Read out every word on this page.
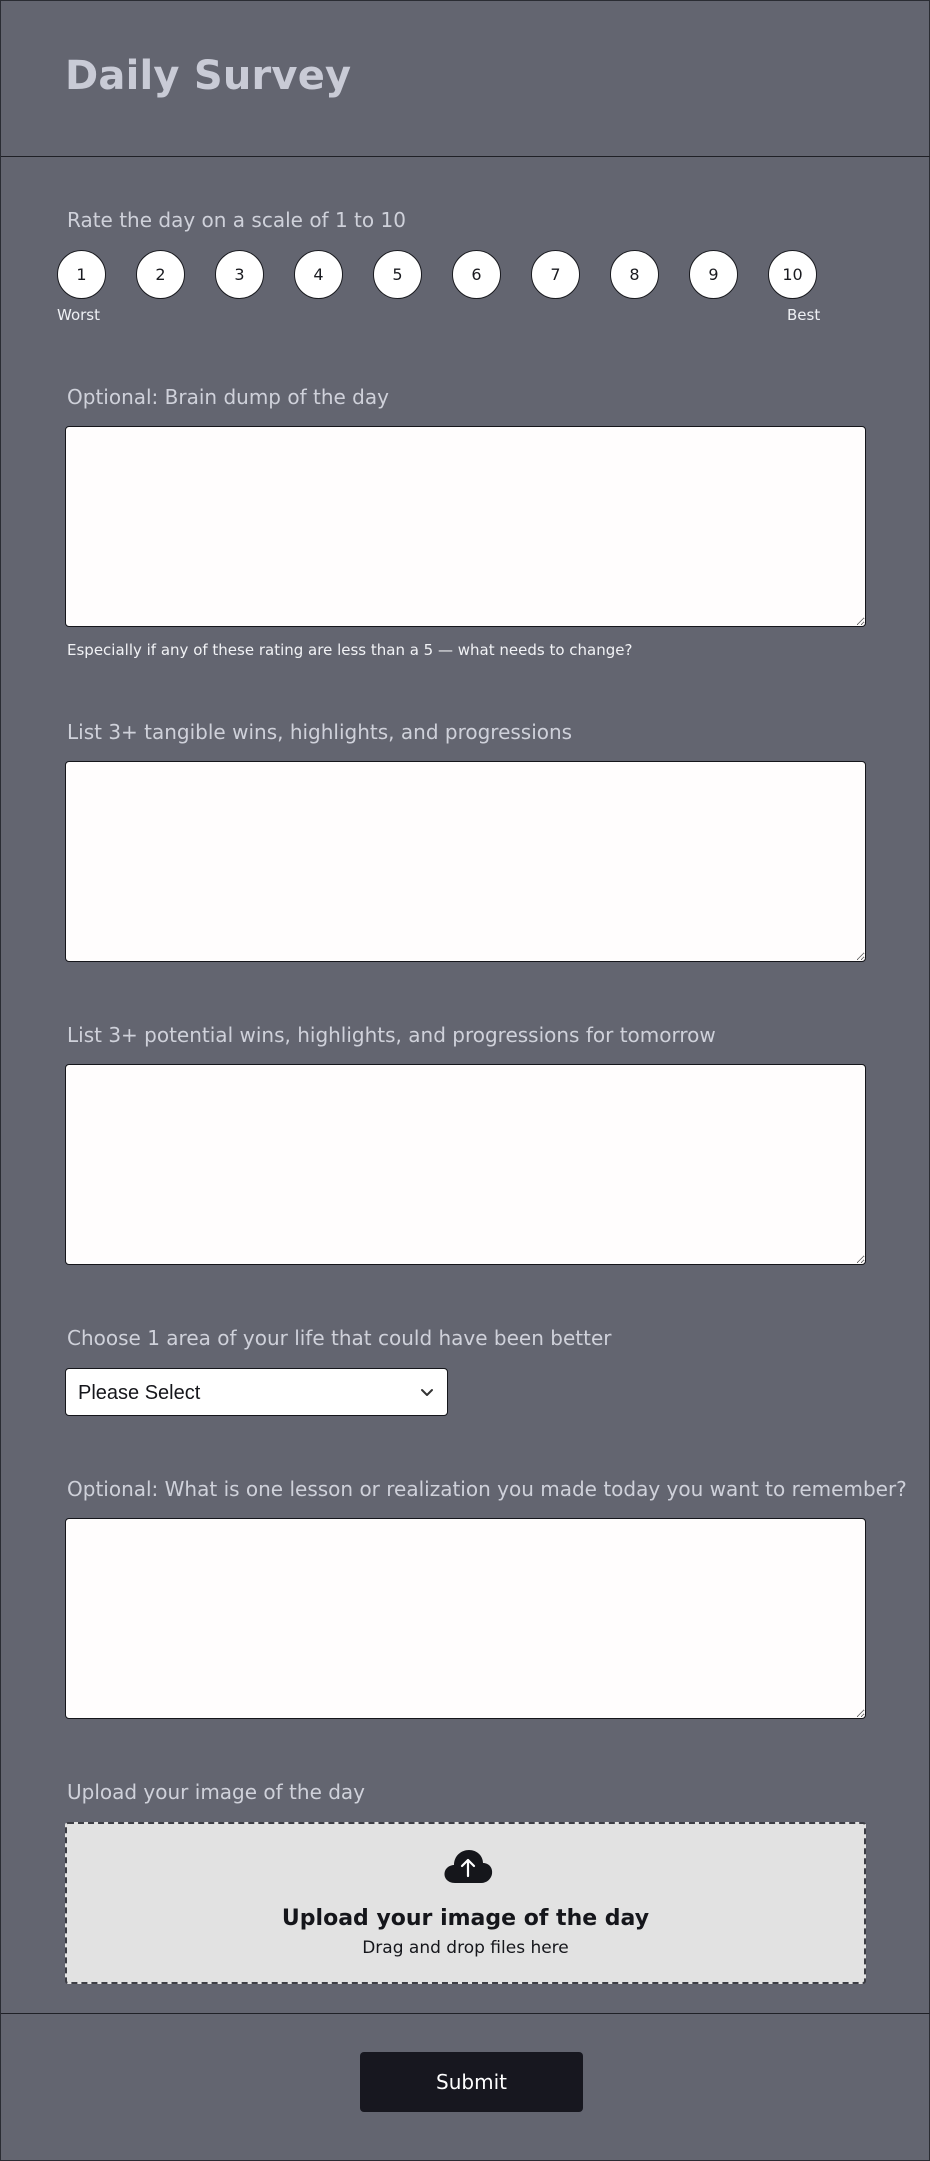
Daily Survey
Rate the day on a scale of 1 to 10
1	2	3	4	5	6	7	8	9	10
Worst	Best
Optional: Brain dump of the day
Especially if any of these rating are less than a 5 — what needs to change?
List 3+ tangible wins, highlights, and progressions
List 3+ potential wins, highlights, and progressions for tomorrow
Choose 1 area of your life that could have been better
Please Select
Optional: What is one lesson or realization you made today you want to remember?
Upload your image of the day
Upload your image of the day
Drag and drop files here
Submit
